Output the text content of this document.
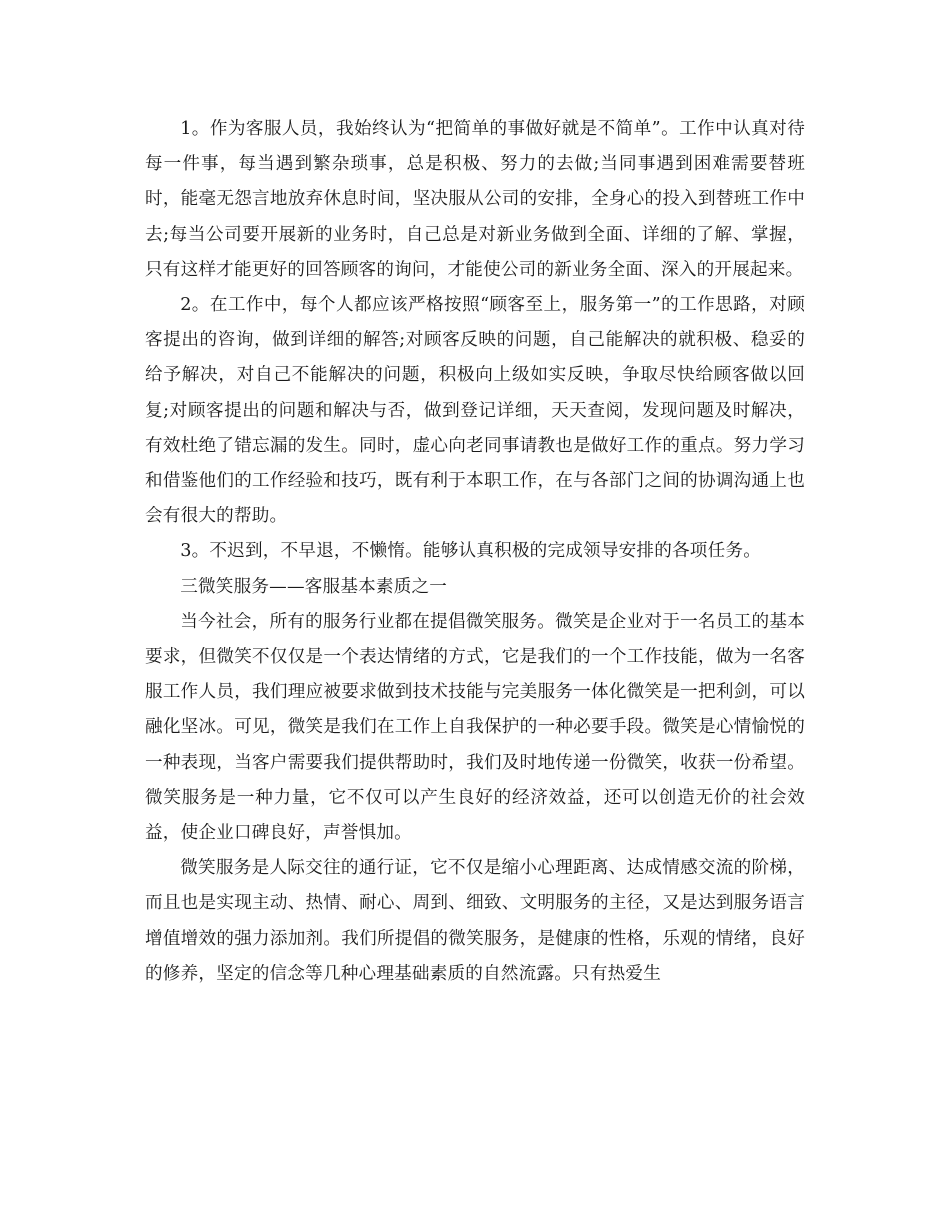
1。作为客服人员，我始终认为“把简单的事做好就是不简单”。工作中认真对待每一件事，每当遇到繁杂琐事，总是积极、努力的去做;当同事遇到困难需要替班时，能毫无怨言地放弃休息时间，坚决服从公司的安排，全身心的投入到替班工作中去;每当公司要开展新的业务时，自己总是对新业务做到全面、详细的了解、掌握，只有这样才能更好的回答顾客的询问，才能使公司的新业务全面、深入的开展起来。

2。在工作中，每个人都应该严格按照“顾客至上，服务第一”的工作思路，对顾客提出的咨询，做到详细的解答;对顾客反映的问题，自己能解决的就积极、稳妥的给予解决，对自己不能解决的问题，积极向上级如实反映，争取尽快给顾客做以回复;对顾客提出的问题和解决与否，做到登记详细，天天查阅，发现问题及时解决，有效杜绝了错忘漏的发生。同时，虚心向老同事请教也是做好工作的重点。努力学习和借鉴他们的工作经验和技巧，既有利于本职工作，在与各部门之间的协调沟通上也会有很大的帮助。

3。不迟到，不早退，不懒惰。能够认真积极的完成领导安排的各项任务。

三微笑服务——客服基本素质之一

当今社会，所有的服务行业都在提倡微笑服务。微笑是企业对于一名员工的基本要求，但微笑不仅仅是一个表达情绪的方式，它是我们的一个工作技能，做为一名客服工作人员，我们理应被要求做到技术技能与完美服务一体化微笑是一把利剑，可以融化坚冰。可见，微笑是我们在工作上自我保护的一种必要手段。微笑是心情愉悦的一种表现，当客户需要我们提供帮助时，我们及时地传递一份微笑，收获一份希望。微笑服务是一种力量，它不仅可以产生良好的经济效益，还可以创造无价的社会效益，使企业口碑良好，声誉惧加。

微笑服务是人际交往的通行证，它不仅是缩小心理距离、达成情感交流的阶梯，而且也是实现主动、热情、耐心、周到、细致、文明服务的主径，又是达到服务语言增值增效的强力添加剂。我们所提倡的微笑服务，是健康的性格，乐观的情绪，良好的修养，坚定的信念等几种心理基础素质的自然流露。只有热爱生
